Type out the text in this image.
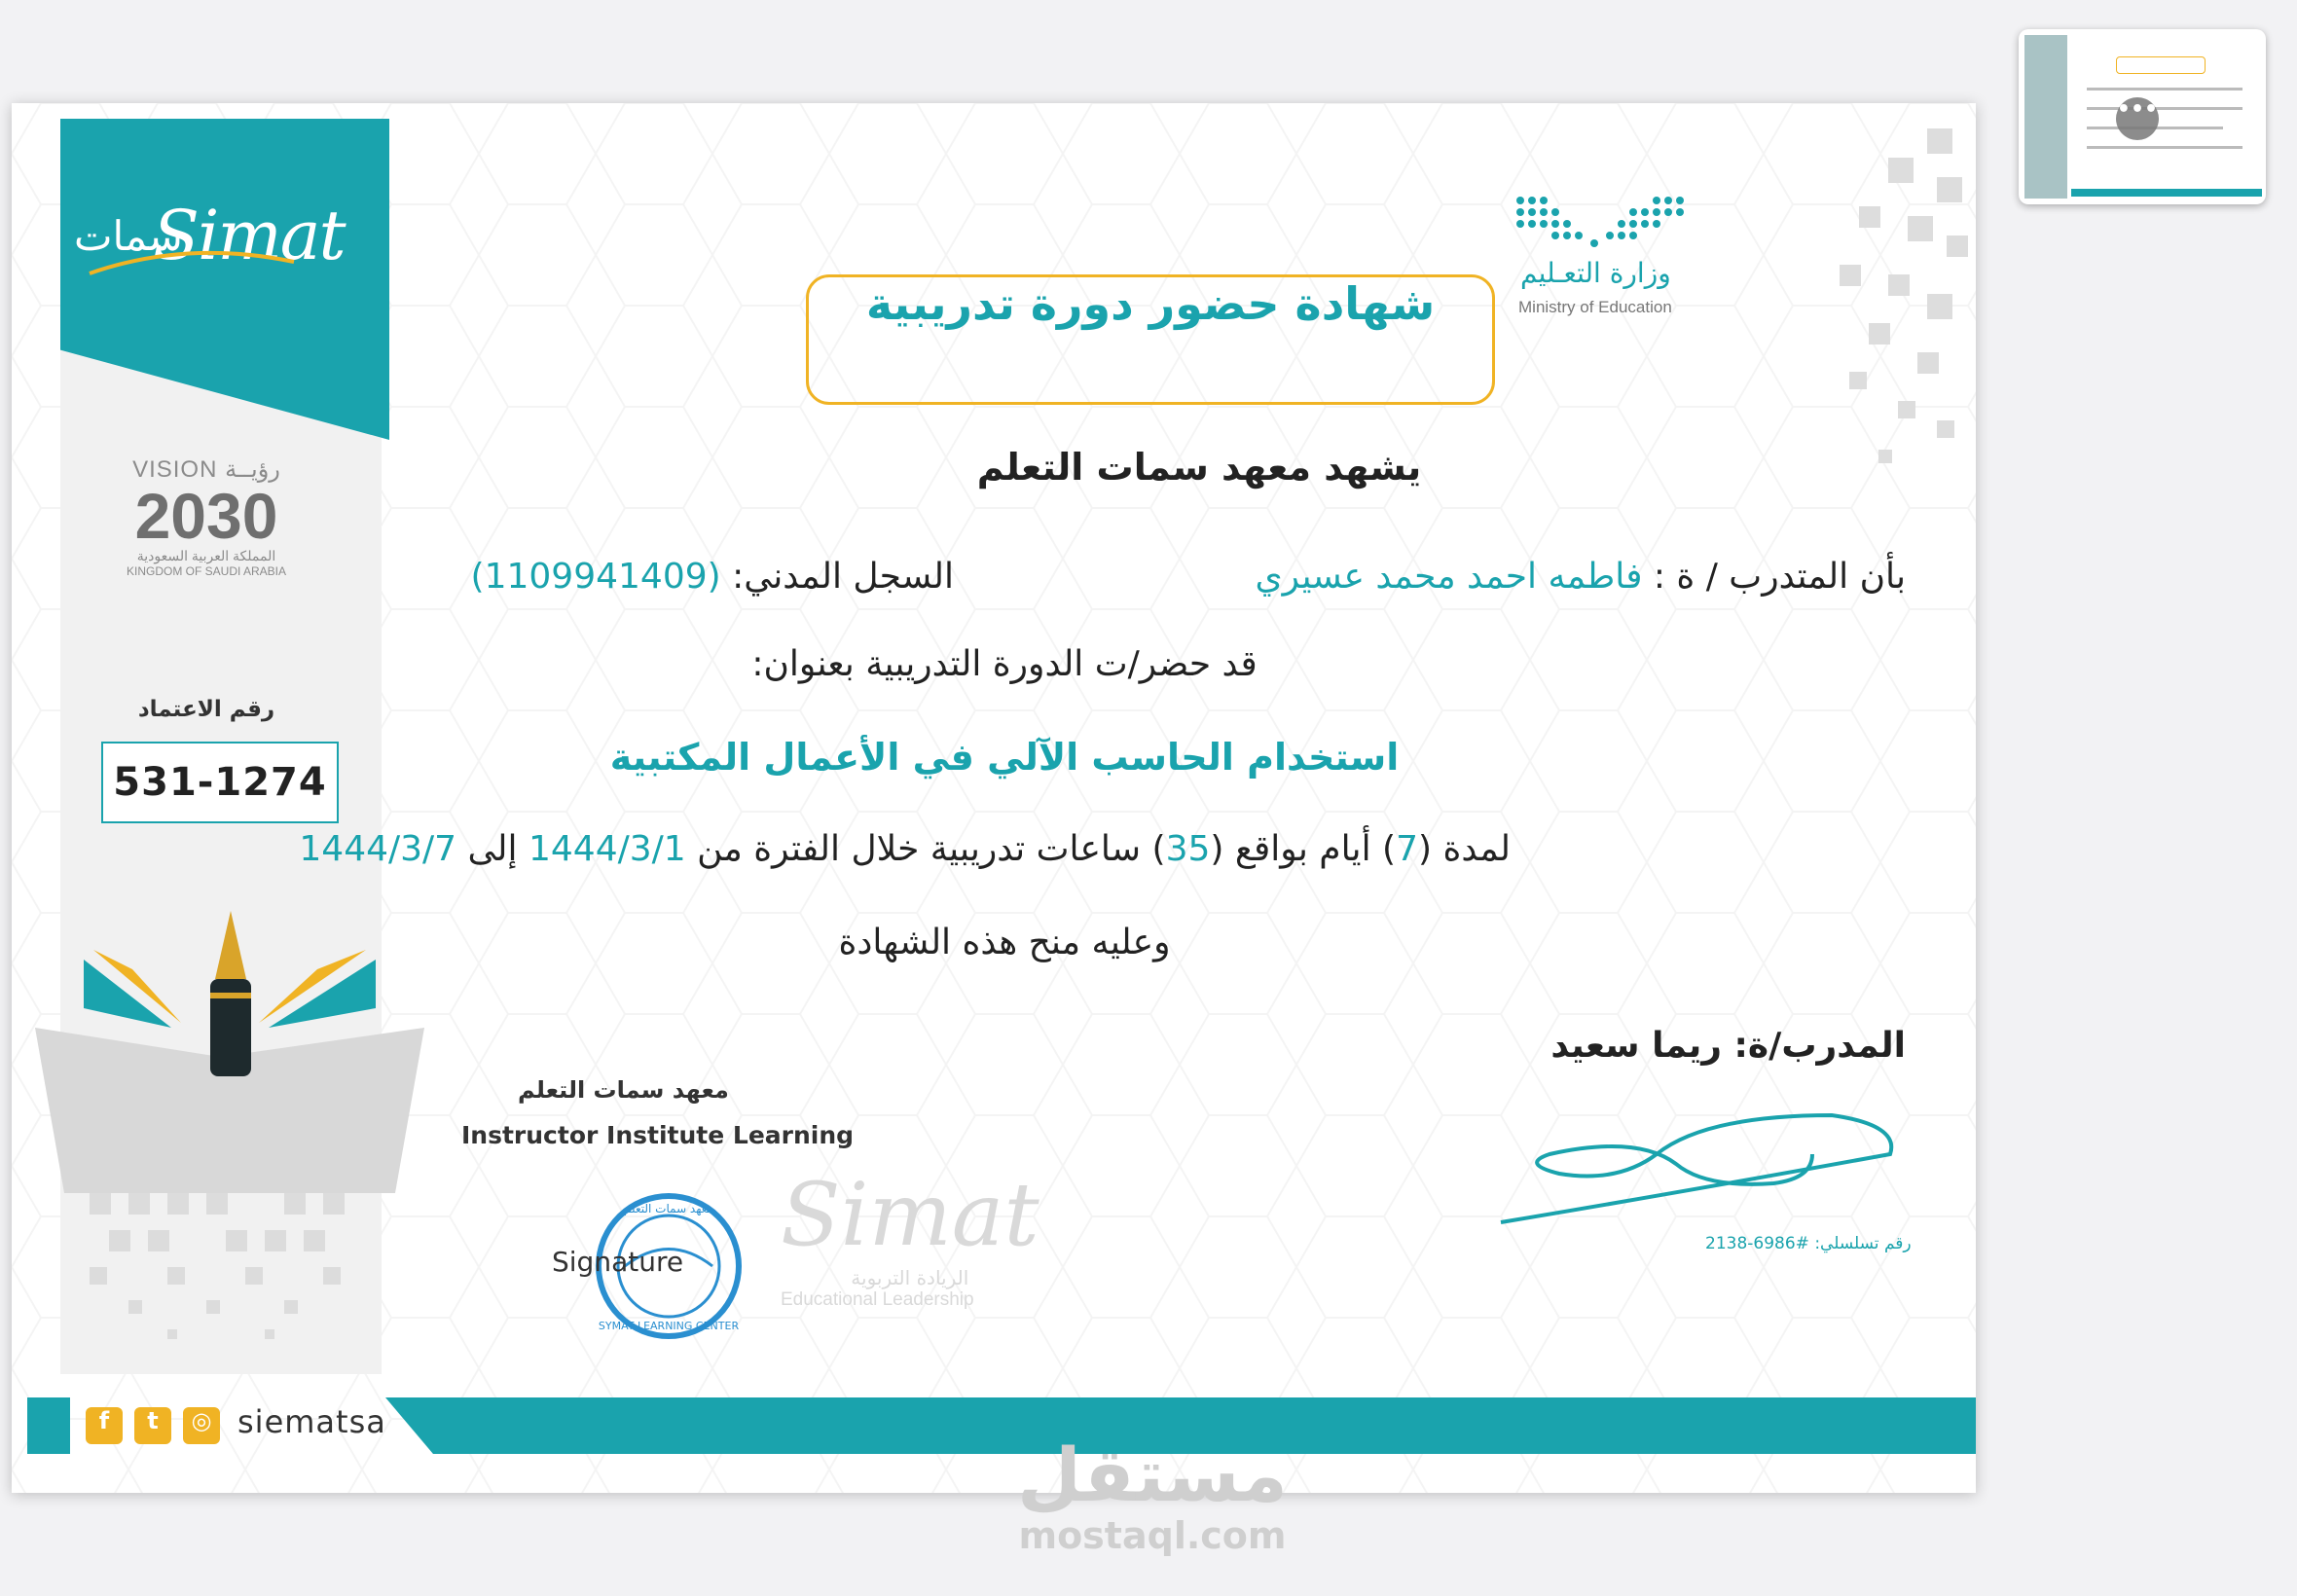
Simat
سمات
VISION رؤيــة
2030
المملكة العربية السعودية
KINGDOM OF SAUDI ARABIA
رقم الاعتماد
531-1274
وزارة التعـليم
Ministry of Education
شهادة حضور دورة تدريبية
يشهد معهد سمات التعلم
بأن المتدرب / ة : فاطمه احمد محمد عسيري
السجل المدني: (1109941409)
قد حضر/ت الدورة التدريبية بعنوان:
استخدام الحاسب الآلي في الأعمال المكتبية
لمدة (7) أيام بواقع (35) ساعات تدريبية خلال الفترة من 1444/3/1 إلى 1444/3/7
وعليه منح هذه الشهادة
المدرب/ة: ريما سعيد
رقم تسلسلي: #6986-2138
معهد سمات التعلم
Instructor Institute Learning
Simat
الريادة التربوية
Educational Leadership
SYMAT LEARNING CENTER
معهد سمات التعلم
Signature
f	t	◎ siematsa
•••
مستقل
mostaql.com
